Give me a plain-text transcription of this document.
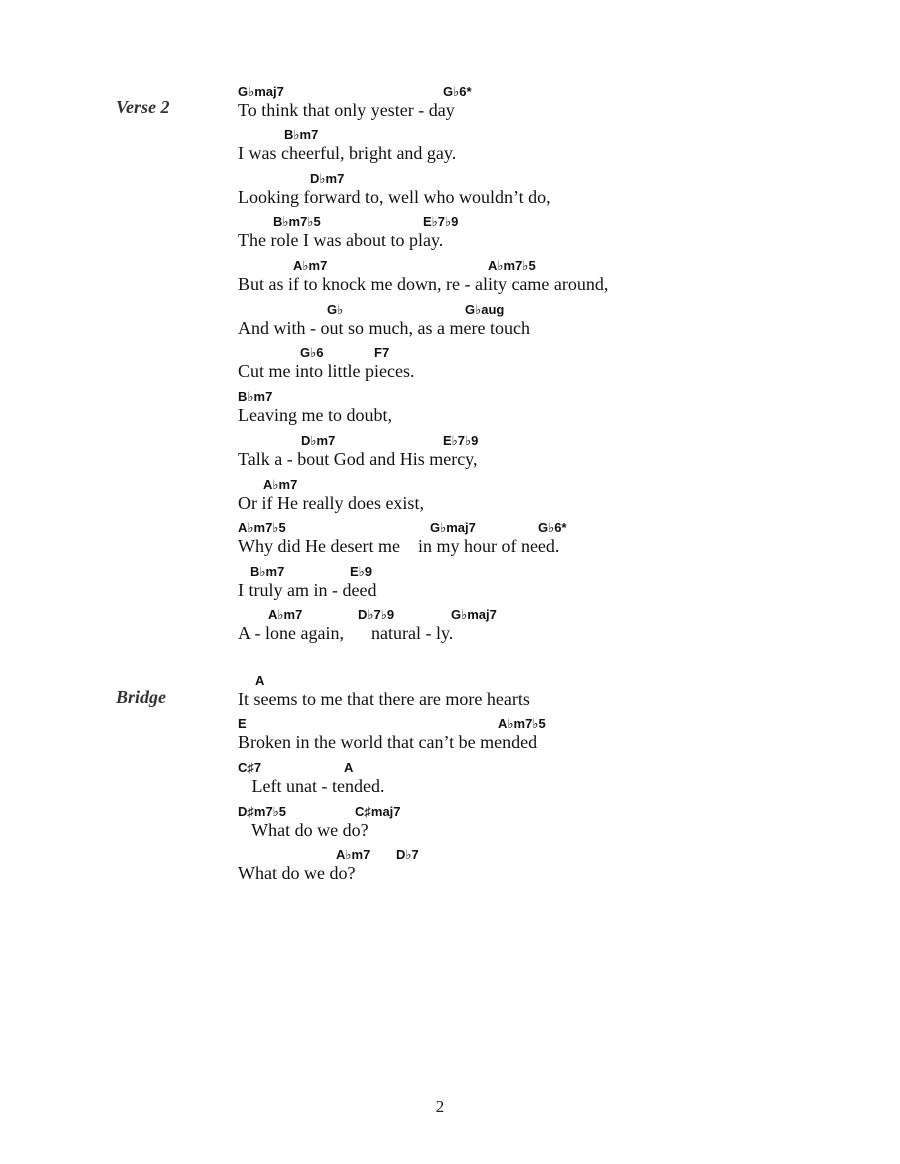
Verse 2
Bridge
G♭maj7	G♭6*
To think that only yester - day
B♭m7
I was cheerful, bright and gay.
D♭m7
Looking forward to, well who wouldn’t do,
B♭m7♭5	E♭7♭9
The role I was about to play.
A♭m7	A♭m7♭5
But as if to knock me down, re - ality came around,
G♭	G♭aug
And with - out so much, as a mere touch
G♭6	F7
Cut me into little pieces.
B♭m7
Leaving me to doubt,
D♭m7	E♭7♭9
Talk a - bout God and His mercy,
A♭m7
Or if He really does exist,
A♭m7♭5	G♭maj7	G♭6*
Why did He desert me    in my hour of need.
B♭m7	E♭9
I truly am in - deed
A♭m7	D♭7♭9	G♭maj7
A - lone again,      natural - ly.
A
It seems to me that there are more hearts
E	A♭m7♭5
Broken in the world that can’t be mended
C♯7	A
Left unat - tended.
D♯m7♭5	C♯maj7
What do we do?
A♭m7 D♭7
What do we do?
2
